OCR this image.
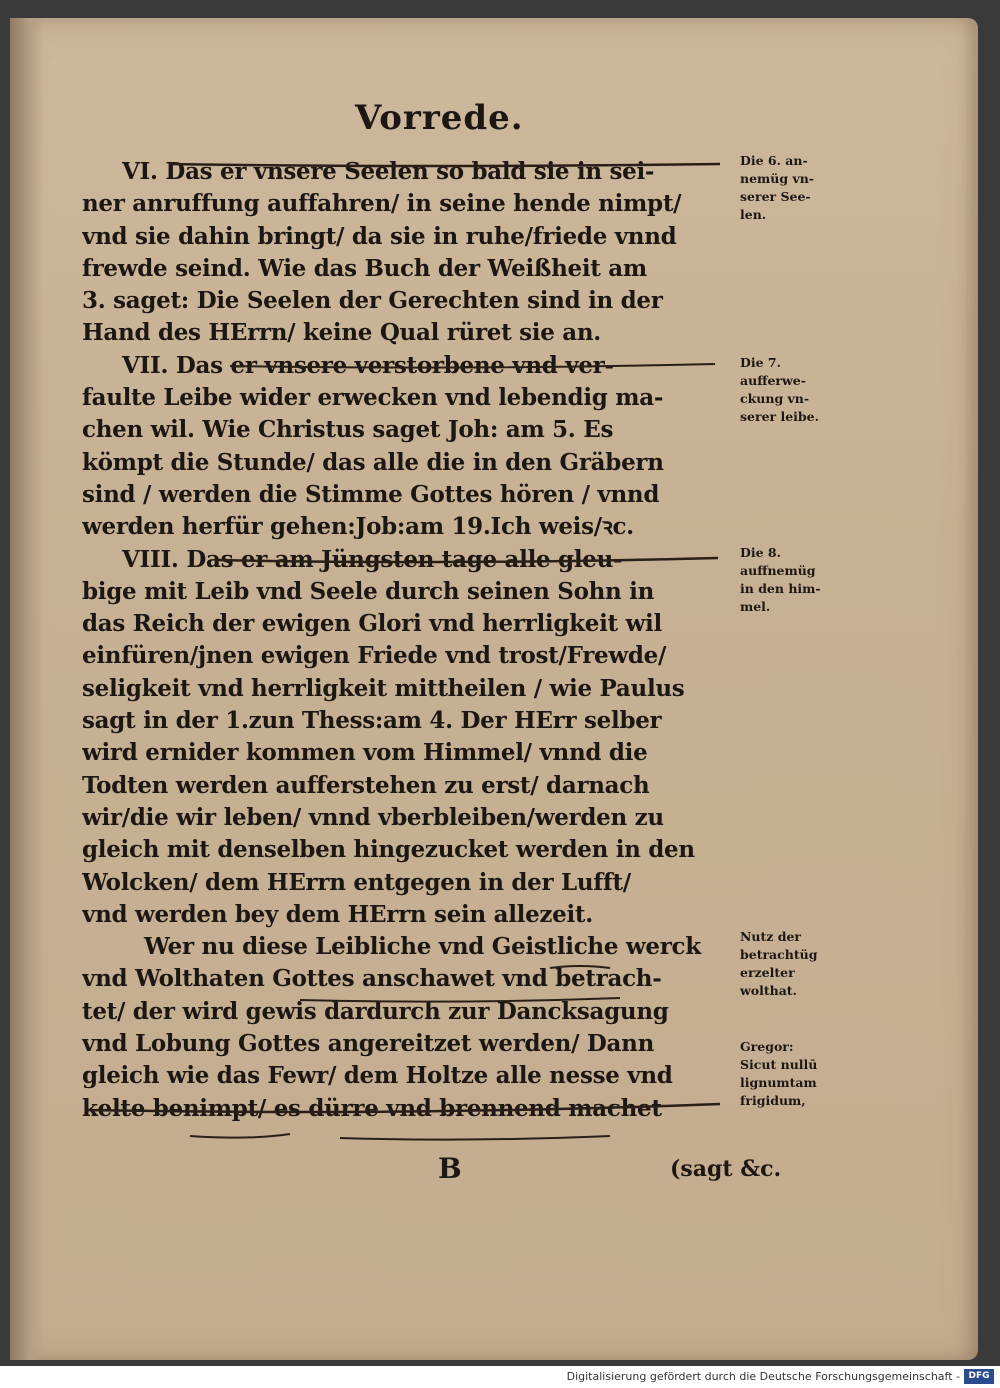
Vorrede.
VI. Das er vnsere Seelen so bald sie in sei-
ner anruffung auffahren/ in seine hende nimpt/
vnd sie dahin bringt/ da sie in ruhe/friede vnnd
frewde seind. Wie das Buch der Weißheit am
3. saget: Die Seelen der Gerechten sind in der
Hand des HErrn/ keine Qual rüret sie an.
VII. Das er vnsere verstorbene vnd ver-
faulte Leibe wider erwecken vnd lebendig ma-
chen wil. Wie Christus saget Joh: am 5. Es
kömpt die Stunde/ das alle die in den Gräbern
sind / werden die Stimme Gottes hören / vnnd
werden herfür gehen:Job:am 19.Ich weis/ꝛc.
VIII. Das er am Jüngsten tage alle gleu-
bige mit Leib vnd Seele durch seinen Sohn in
das Reich der ewigen Glori vnd herrligkeit wil
einfüren/jnen ewigen Friede vnd trost/Frewde/
seligkeit vnd herrligkeit mittheilen / wie Paulus
sagt in der 1.zun Thess:am 4. Der HErr selber
wird ernider kommen vom Himmel/ vnnd die
Todten werden aufferstehen zu erst/ darnach
wir/die wir leben/ vnnd vberbleiben/werden zu
gleich mit denselben hingezucket werden in den
Wolcken/ dem HErrn entgegen in der Lufft/
vnd werden bey dem HErrn sein allezeit.
Wer nu diese Leibliche vnd Geistliche werck
vnd Wolthaten Gottes anschawet vnd betrach-
tet/ der wird gewis dardurch zur Dancksagung
vnd Lobung Gottes angereitzet werden/ Dann
gleich wie das Fewr/ dem Holtze alle nesse vnd
kelte benimpt/ es dürre vnd brennend machet
Die 6. an-
nemüg vn-
serer See-
len.
Die 7.
aufferwe-
ckung vn-
serer leibe.
Die 8.
auffnemüg
in den him-
mel.
Nutz der
betrachtüg
erzelter
wolthat.
Gregor:
Sicut nullū
lignumtam
frigidum,
B	(sagt &c.
Digitalisierung gefördert durch die Deutsche Forschungsgemeinschaft - DFG
